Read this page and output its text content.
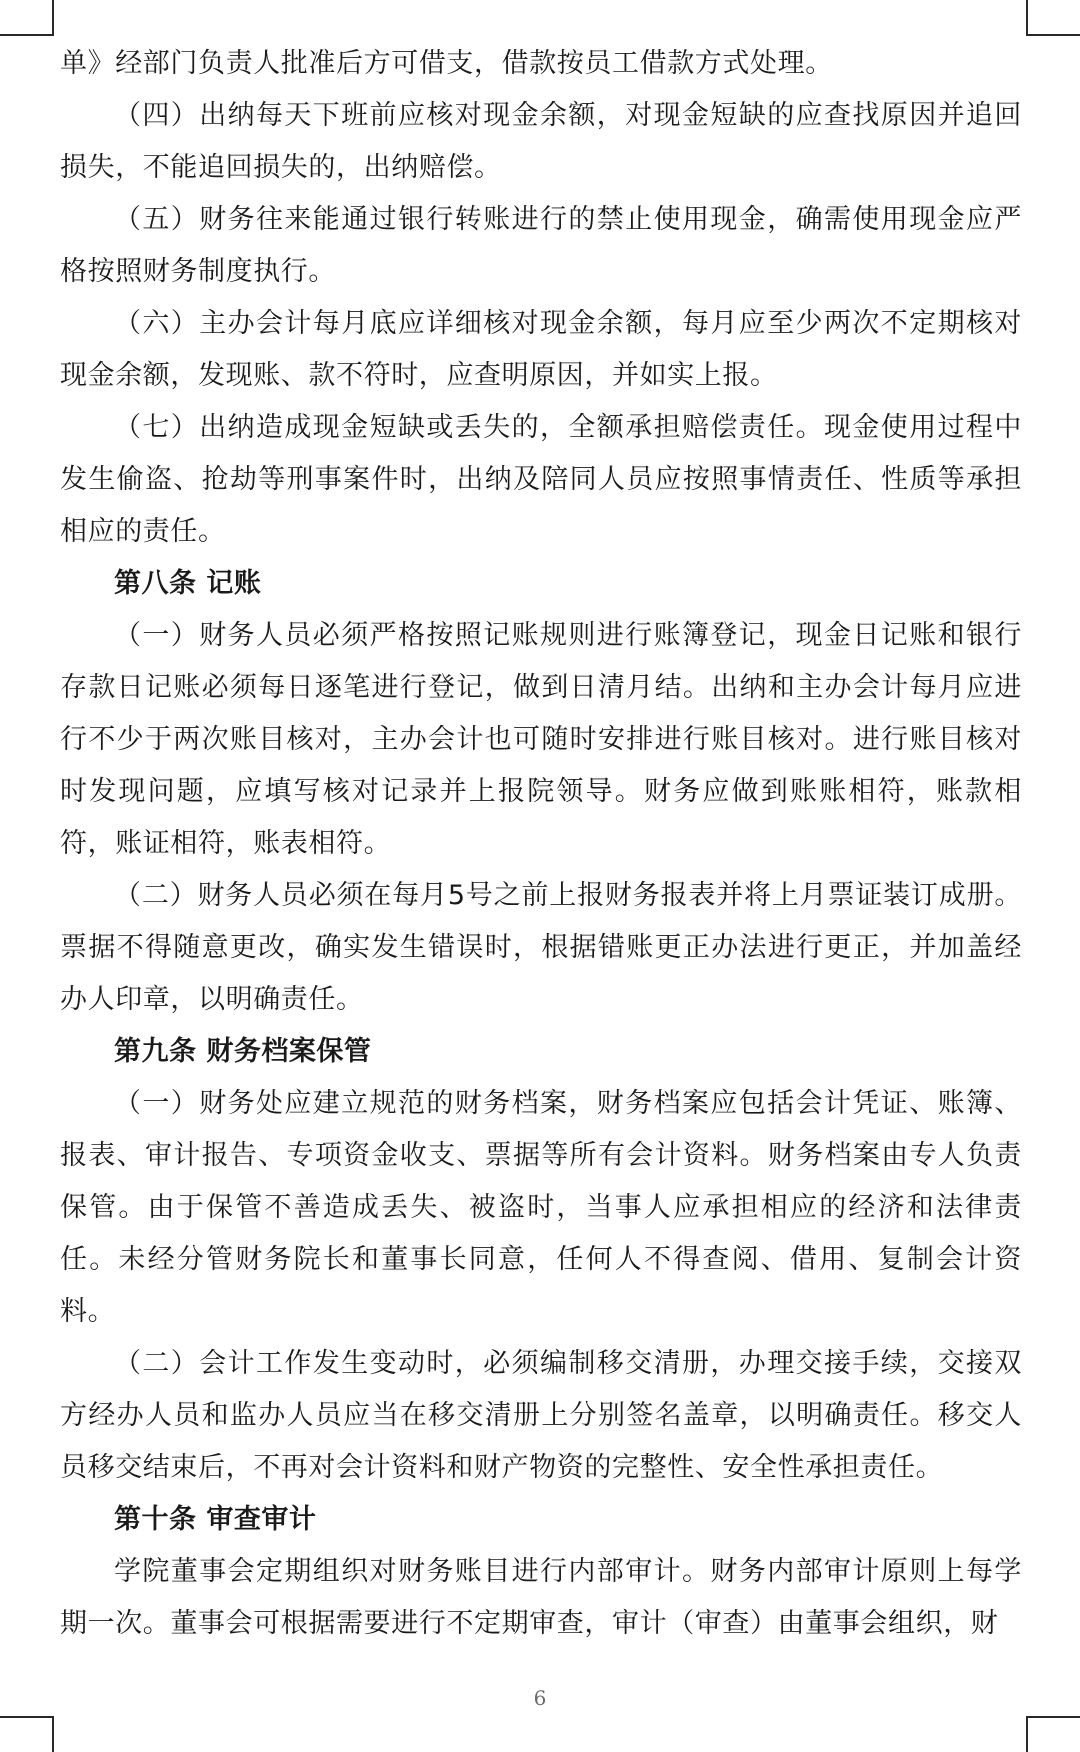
单》经部门负责人批准后方可借支，借款按员工借款方式处理。

（四）出纳每天下班前应核对现金余额，对现金短缺的应查找原因并追回损失，不能追回损失的，出纳赔偿。

（五）财务往来能通过银行转账进行的禁止使用现金，确需使用现金应严格按照财务制度执行。

（六）主办会计每月底应详细核对现金余额，每月应至少两次不定期核对现金余额，发现账、款不符时，应查明原因，并如实上报。

（七）出纳造成现金短缺或丢失的，全额承担赔偿责任。现金使用过程中发生偷盗、抢劫等刑事案件时，出纳及陪同人员应按照事情责任、性质等承担相应的责任。

第八条 记账

（一）财务人员必须严格按照记账规则进行账簿登记，现金日记账和银行存款日记账必须每日逐笔进行登记，做到日清月结。出纳和主办会计每月应进行不少于两次账目核对，主办会计也可随时安排进行账目核对。进行账目核对时发现问题，应填写核对记录并上报院领导。财务应做到账账相符，账款相符，账证相符，账表相符。

（二）财务人员必须在每月5号之前上报财务报表并将上月票证装订成册。票据不得随意更改，确实发生错误时，根据错账更正办法进行更正，并加盖经办人印章，以明确责任。

第九条 财务档案保管

（一）财务处应建立规范的财务档案，财务档案应包括会计凭证、账簿、报表、审计报告、专项资金收支、票据等所有会计资料。财务档案由专人负责保管。由于保管不善造成丢失、被盗时，当事人应承担相应的经济和法律责任。未经分管财务院长和董事长同意，任何人不得查阅、借用、复制会计资料。

（二）会计工作发生变动时，必须编制移交清册，办理交接手续，交接双方经办人员和监办人员应当在移交清册上分别签名盖章，以明确责任。移交人员移交结束后，不再对会计资料和财产物资的完整性、安全性承担责任。

第十条 审查审计

学院董事会定期组织对财务账目进行内部审计。财务内部审计原则上每学期一次。董事会可根据需要进行不定期审查，审计（审查）由董事会组织，财

6
